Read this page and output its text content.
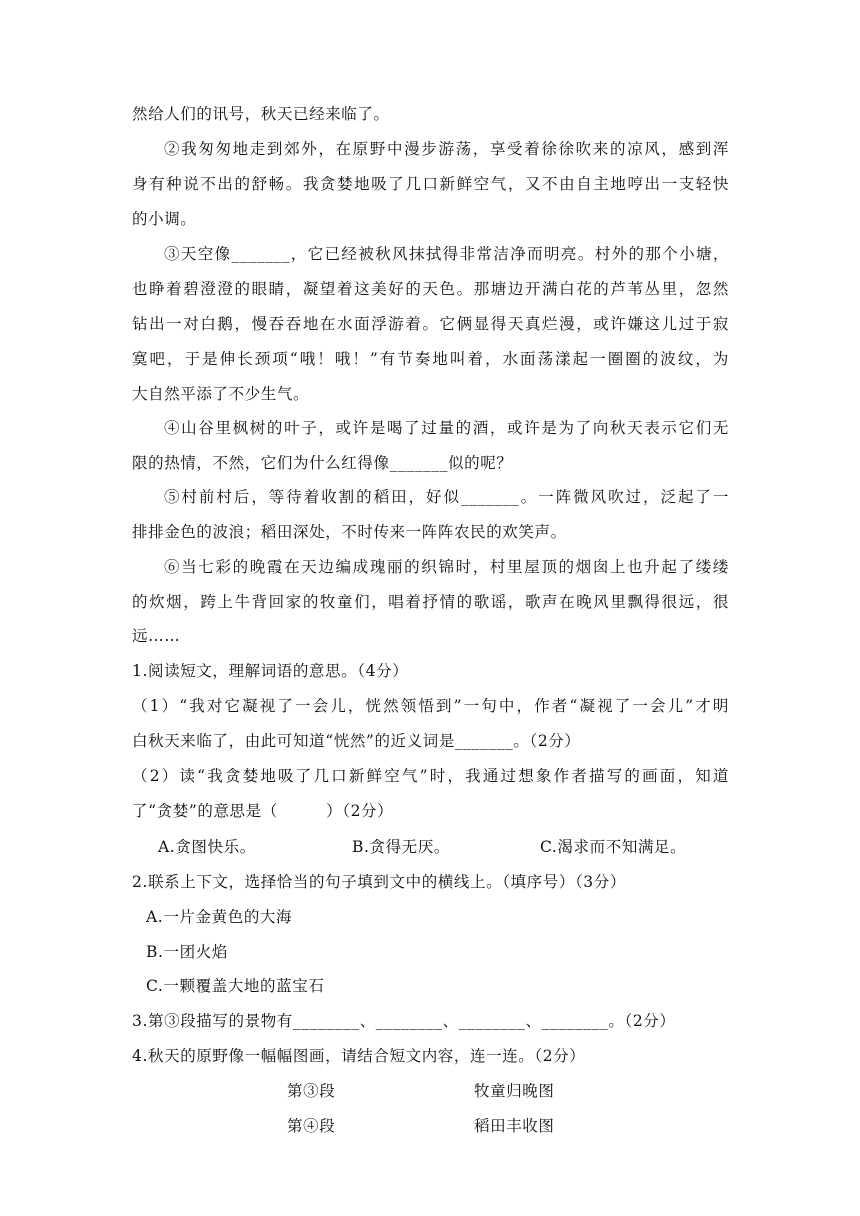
然给人们的讯号，秋天已经来临了。
②我匆匆地走到郊外，在原野中漫步游荡，享受着徐徐吹来的凉风，感到浑
身有种说不出的舒畅。我贪婪地吸了几口新鲜空气，又不由自主地哼出一支轻快
的小调。
③天空像_______，它已经被秋风抹拭得非常洁净而明亮。村外的那个小塘，
也睁着碧澄澄的眼睛，凝望着这美好的天色。那塘边开满白花的芦苇丛里，忽然
钻出一对白鹅，慢吞吞地在水面浮游着。它俩显得天真烂漫，或许嫌这儿过于寂
寞吧，于是伸长颈项“哦！哦！”有节奏地叫着，水面荡漾起一圈圈的波纹，为
大自然平添了不少生气。
④山谷里枫树的叶子，或许是喝了过量的酒，或许是为了向秋天表示它们无
限的热情，不然，它们为什么红得像_______似的呢？
⑤村前村后，等待着收割的稻田，好似_______。一阵微风吹过，泛起了一
排排金色的波浪；稻田深处，不时传来一阵阵农民的欢笑声。
⑥当七彩的晚霞在天边编成瑰丽的织锦时，村里屋顶的烟囱上也升起了缕缕
的炊烟，跨上牛背回家的牧童们，唱着抒情的歌谣，歌声在晚风里飘得很远，很
远……
1.阅读短文，理解词语的意思。（4分）
（1）“我对它凝视了一会儿，恍然领悟到”一句中，作者“凝视了一会儿”才明
白秋天来临了，由此可知道“恍然”的近义词是_______。（2分）
（2）读“我贪婪地吸了几口新鲜空气”时，我通过想象作者描写的画面，知道
了“贪婪”的意思是（　　　）（2分）
A.贪图快乐。	B.贪得无厌。	C.渴求而不知满足。
2.联系上下文，选择恰当的句子填到文中的横线上。（填序号）（3分）
A.一片金黄色的大海
B.一团火焰
C.一颗覆盖大地的蓝宝石
3.第③段描写的景物有________、________、________、________。（2分）
4.秋天的原野像一幅幅图画，请结合短文内容，连一连。（2分）
第③段	牧童归晚图
第④段	稻田丰收图
